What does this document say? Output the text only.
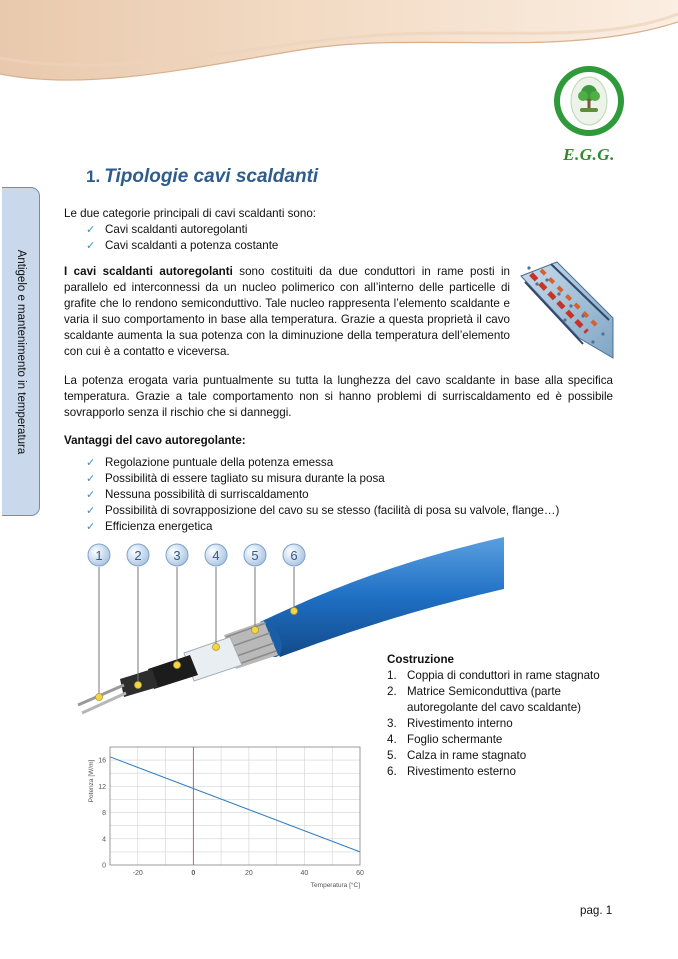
E.G.G.
Antigelo e mantenimento in temperatura
1. Tipologie cavi scaldanti
Le due categorie principali di cavi scaldanti sono:
✓ Cavi scaldanti autoregolanti
✓ Cavi scaldanti a potenza costante
I cavi scaldanti autoregolanti sono costituiti da due conduttori in rame posti in parallelo ed interconnessi da un nucleo polimerico con all’interno delle particelle di grafite che lo rendono semiconduttivo. Tale nucleo rappresenta l’elemento scaldante e varia il suo comportamento in base alla temperatura. Grazie a questa proprietà il cavo scaldante aumenta la sua potenza con la diminuzione della temperatura dell’elemento con cui è a contatto e viceversa.
La potenza erogata varia puntualmente su tutta la lunghezza del cavo scaldante in base alla specifica temperatura. Grazie a tale comportamento non si hanno problemi di surriscaldamento ed è possibile sovrapporlo senza il rischio che si danneggi.
Vantaggi del cavo autoregolante:
✓ Regolazione puntuale della potenza emessa
✓ Possibilità di essere tagliato su misura durante la posa
✓ Nessuna possibilità di surriscaldamento
✓ Possibilità di sovrapposizione del cavo su se stesso (facilità di posa su valvole, flange…)
✓ Efficienza energetica
1 2 3 4 5 6
Costruzione
1. Coppia di conduttori in rame stagnato
2. Matrice Semiconduttiva (parte autoregolante del cavo scaldante)
3. Rivestimento interno
4. Foglio schermante
5. Calza in rame stagnato
6. Rivestimento esterno
-20	0	20	40	60
0
4
8
12
16
Potenza [W/m]
Temperatura [°C]
pag. 1
